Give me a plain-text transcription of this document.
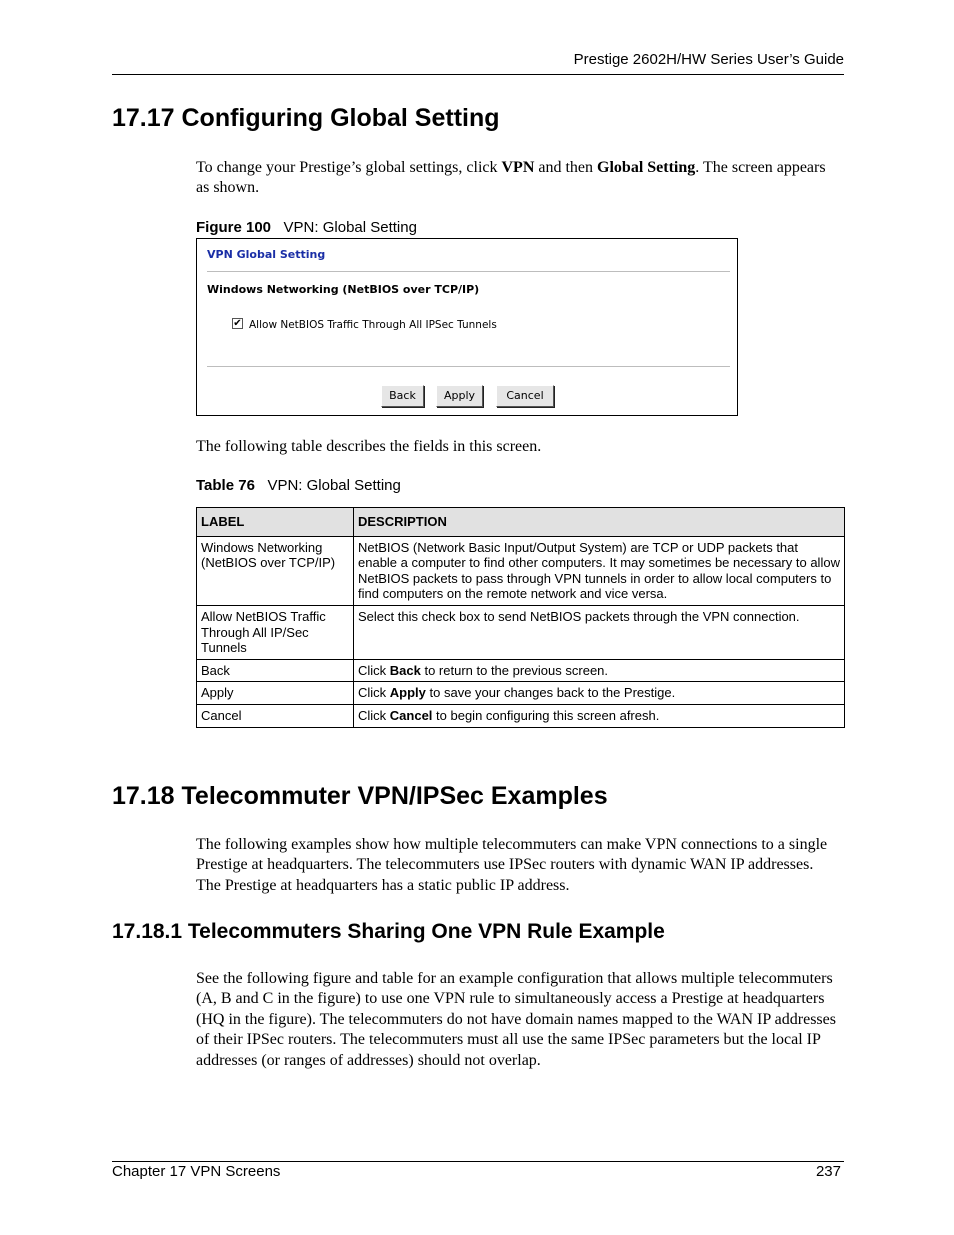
Prestige 2602H/HW Series User’s Guide
17.17 Configuring Global Setting
To change your Prestige’s global settings, click VPN and then Global Setting. The screen appears as shown.
Figure 100 VPN: Global Setting
VPN Global Setting
Windows Networking (NetBIOS over TCP/IP)
✔ Allow NetBIOS Traffic Through All IPSec Tunnels
Back	Apply	Cancel
The following table describes the fields in this screen.
Table 76 VPN: Global Setting
LABEL	DESCRIPTION
Windows Networking (NetBIOS over TCP/IP)	NetBIOS (Network Basic Input/Output System) are TCP or UDP packets that enable a computer to find other computers. It may sometimes be necessary to allow NetBIOS packets to pass through VPN tunnels in order to allow local computers to find computers on the remote network and vice versa.
Allow NetBIOS Traffic Through All IP/Sec Tunnels	Select this check box to send NetBIOS packets through the VPN connection.
Back	Click Back to return to the previous screen.
Apply	Click Apply to save your changes back to the Prestige.
Cancel	Click Cancel to begin configuring this screen afresh.
17.18 Telecommuter VPN/IPSec Examples
The following examples show how multiple telecommuters can make VPN connections to a single Prestige at headquarters. The telecommuters use IPSec routers with dynamic WAN IP addresses. The Prestige at headquarters has a static public IP address.
17.18.1 Telecommuters Sharing One VPN Rule Example
See the following figure and table for an example configuration that allows multiple telecommuters (A, B and C in the figure) to use one VPN rule to simultaneously access a Prestige at headquarters (HQ in the figure). The telecommuters do not have domain names mapped to the WAN IP addresses of their IPSec routers. The telecommuters must all use the same IPSec parameters but the local IP addresses (or ranges of addresses) should not overlap.
Chapter 17 VPN Screens	237
